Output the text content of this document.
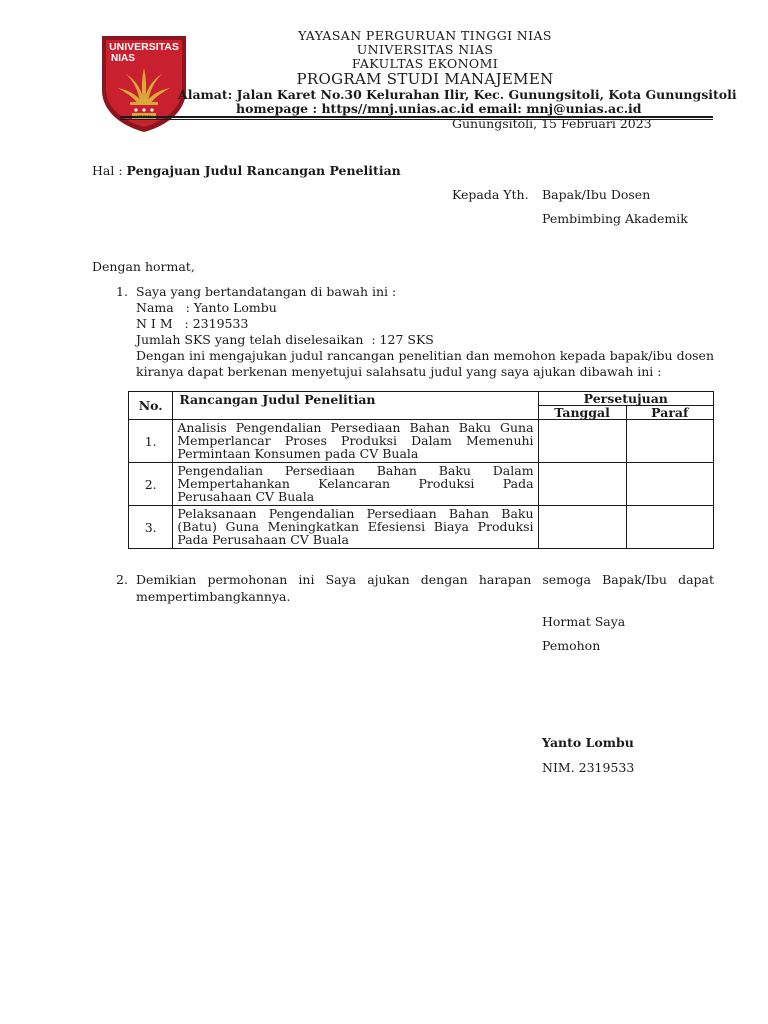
UNIVERSITAS
NIAS
YAYASAN PERGURUAN TINGGI NIAS
UNIVERSITAS NIAS
FAKULTAS EKONOMI
PROGRAM STUDI MANAJEMEN
Alamat: Jalan Karet No.30 Kelurahan Ilir, Kec. Gunungsitoli, Kota Gunungsitoli
homepage : https//mnj.unias.ac.id email: mnj@unias.ac.id
Gunungsitoli, 15 Februari 2023
Hal : Pengajuan Judul Rancangan Penelitian
Kepada Yth. Bapak/Ibu Dosen
Pembimbing Akademik
Dengan hormat,
1. Saya yang bertandatangan di bawah ini :
Nama   : Yanto Lombu
N I M   : 2319533
Jumlah SKS yang telah diselesaikan  : 127 SKS
Dengan ini mengajukan judul rancangan penelitian dan memohon kepada bapak/ibu dosen
kiranya dapat berkenan menyetujui salahsatu judul yang saya ajukan dibawah ini :
No.	Rancangan Judul Penelitian	Persetujuan	
		Tanggal	Paraf
1.	Analisis Pengendalian Persediaan Bahan Baku Guna Memperlancar Proses Produksi Dalam Memenuhi Permintaan Konsumen pada CV Buala		
2.	Pengendalian Persediaan Bahan Baku Dalam Mempertahankan Kelancaran Produksi Pada Perusahaan CV Buala		
3.	Pelaksanaan Pengendalian Persediaan Bahan Baku (Batu) Guna Meningkatkan Efesiensi Biaya Produksi Pada Perusahaan CV Buala		
2. Demikian permohonan ini Saya ajukan dengan harapan semoga Bapak/Ibu dapat
mempertimbangkannya.
Hormat Saya
Pemohon
Yanto Lombu
NIM. 2319533
